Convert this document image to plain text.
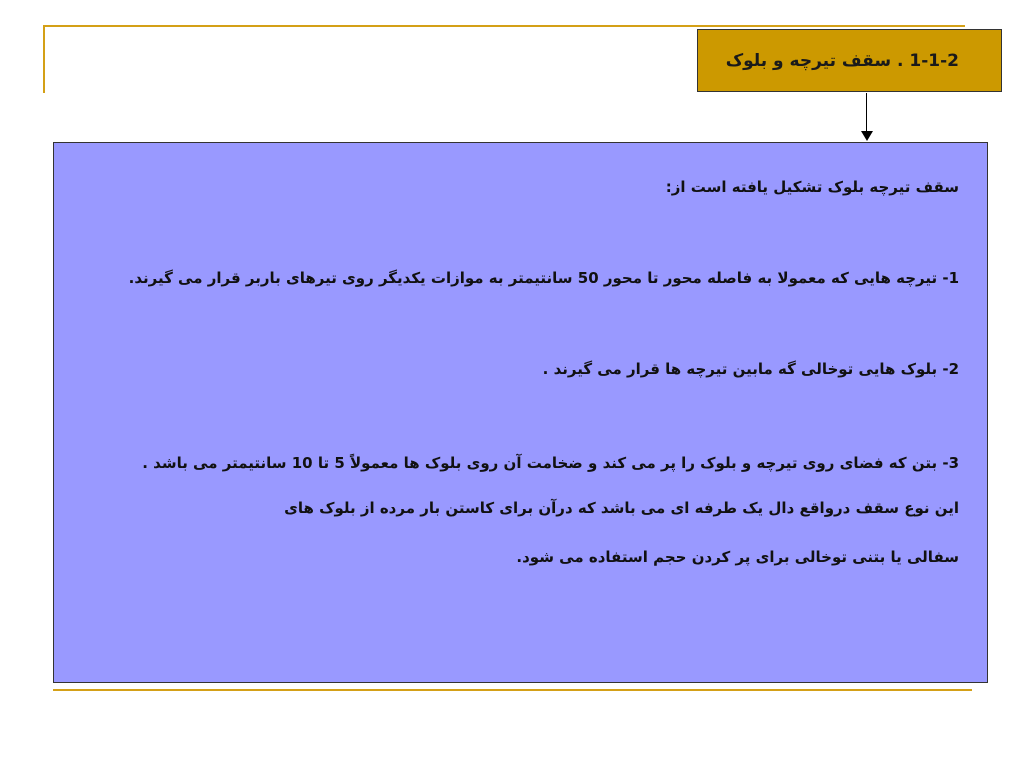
1-1-2 . سقف تیرچه و بلوک
سقف تیرچه بلوک تشکیل یافته است از:
1- تیرچه هایی که معمولا به فاصله محور تا محور 50 سانتیمتر به موازات یکدیگر روی تیرهای باربر قرار می گیرند.
2- بلوک هایی توخالی گه مابین تیرچه ها قرار می گیرند .
3- بتن که فضای روی تیرچه و بلوک را پر می کند و ضخامت آن روی بلوک ها معمولاً 5 تا 10 سانتیمتر می باشد .
این نوع سقف درواقع دال یک طرفه ای می باشد که درآن برای کاستن بار مرده از بلوک های
سفالی یا بتنی توخالی برای پر کردن حجم استفاده می شود.
